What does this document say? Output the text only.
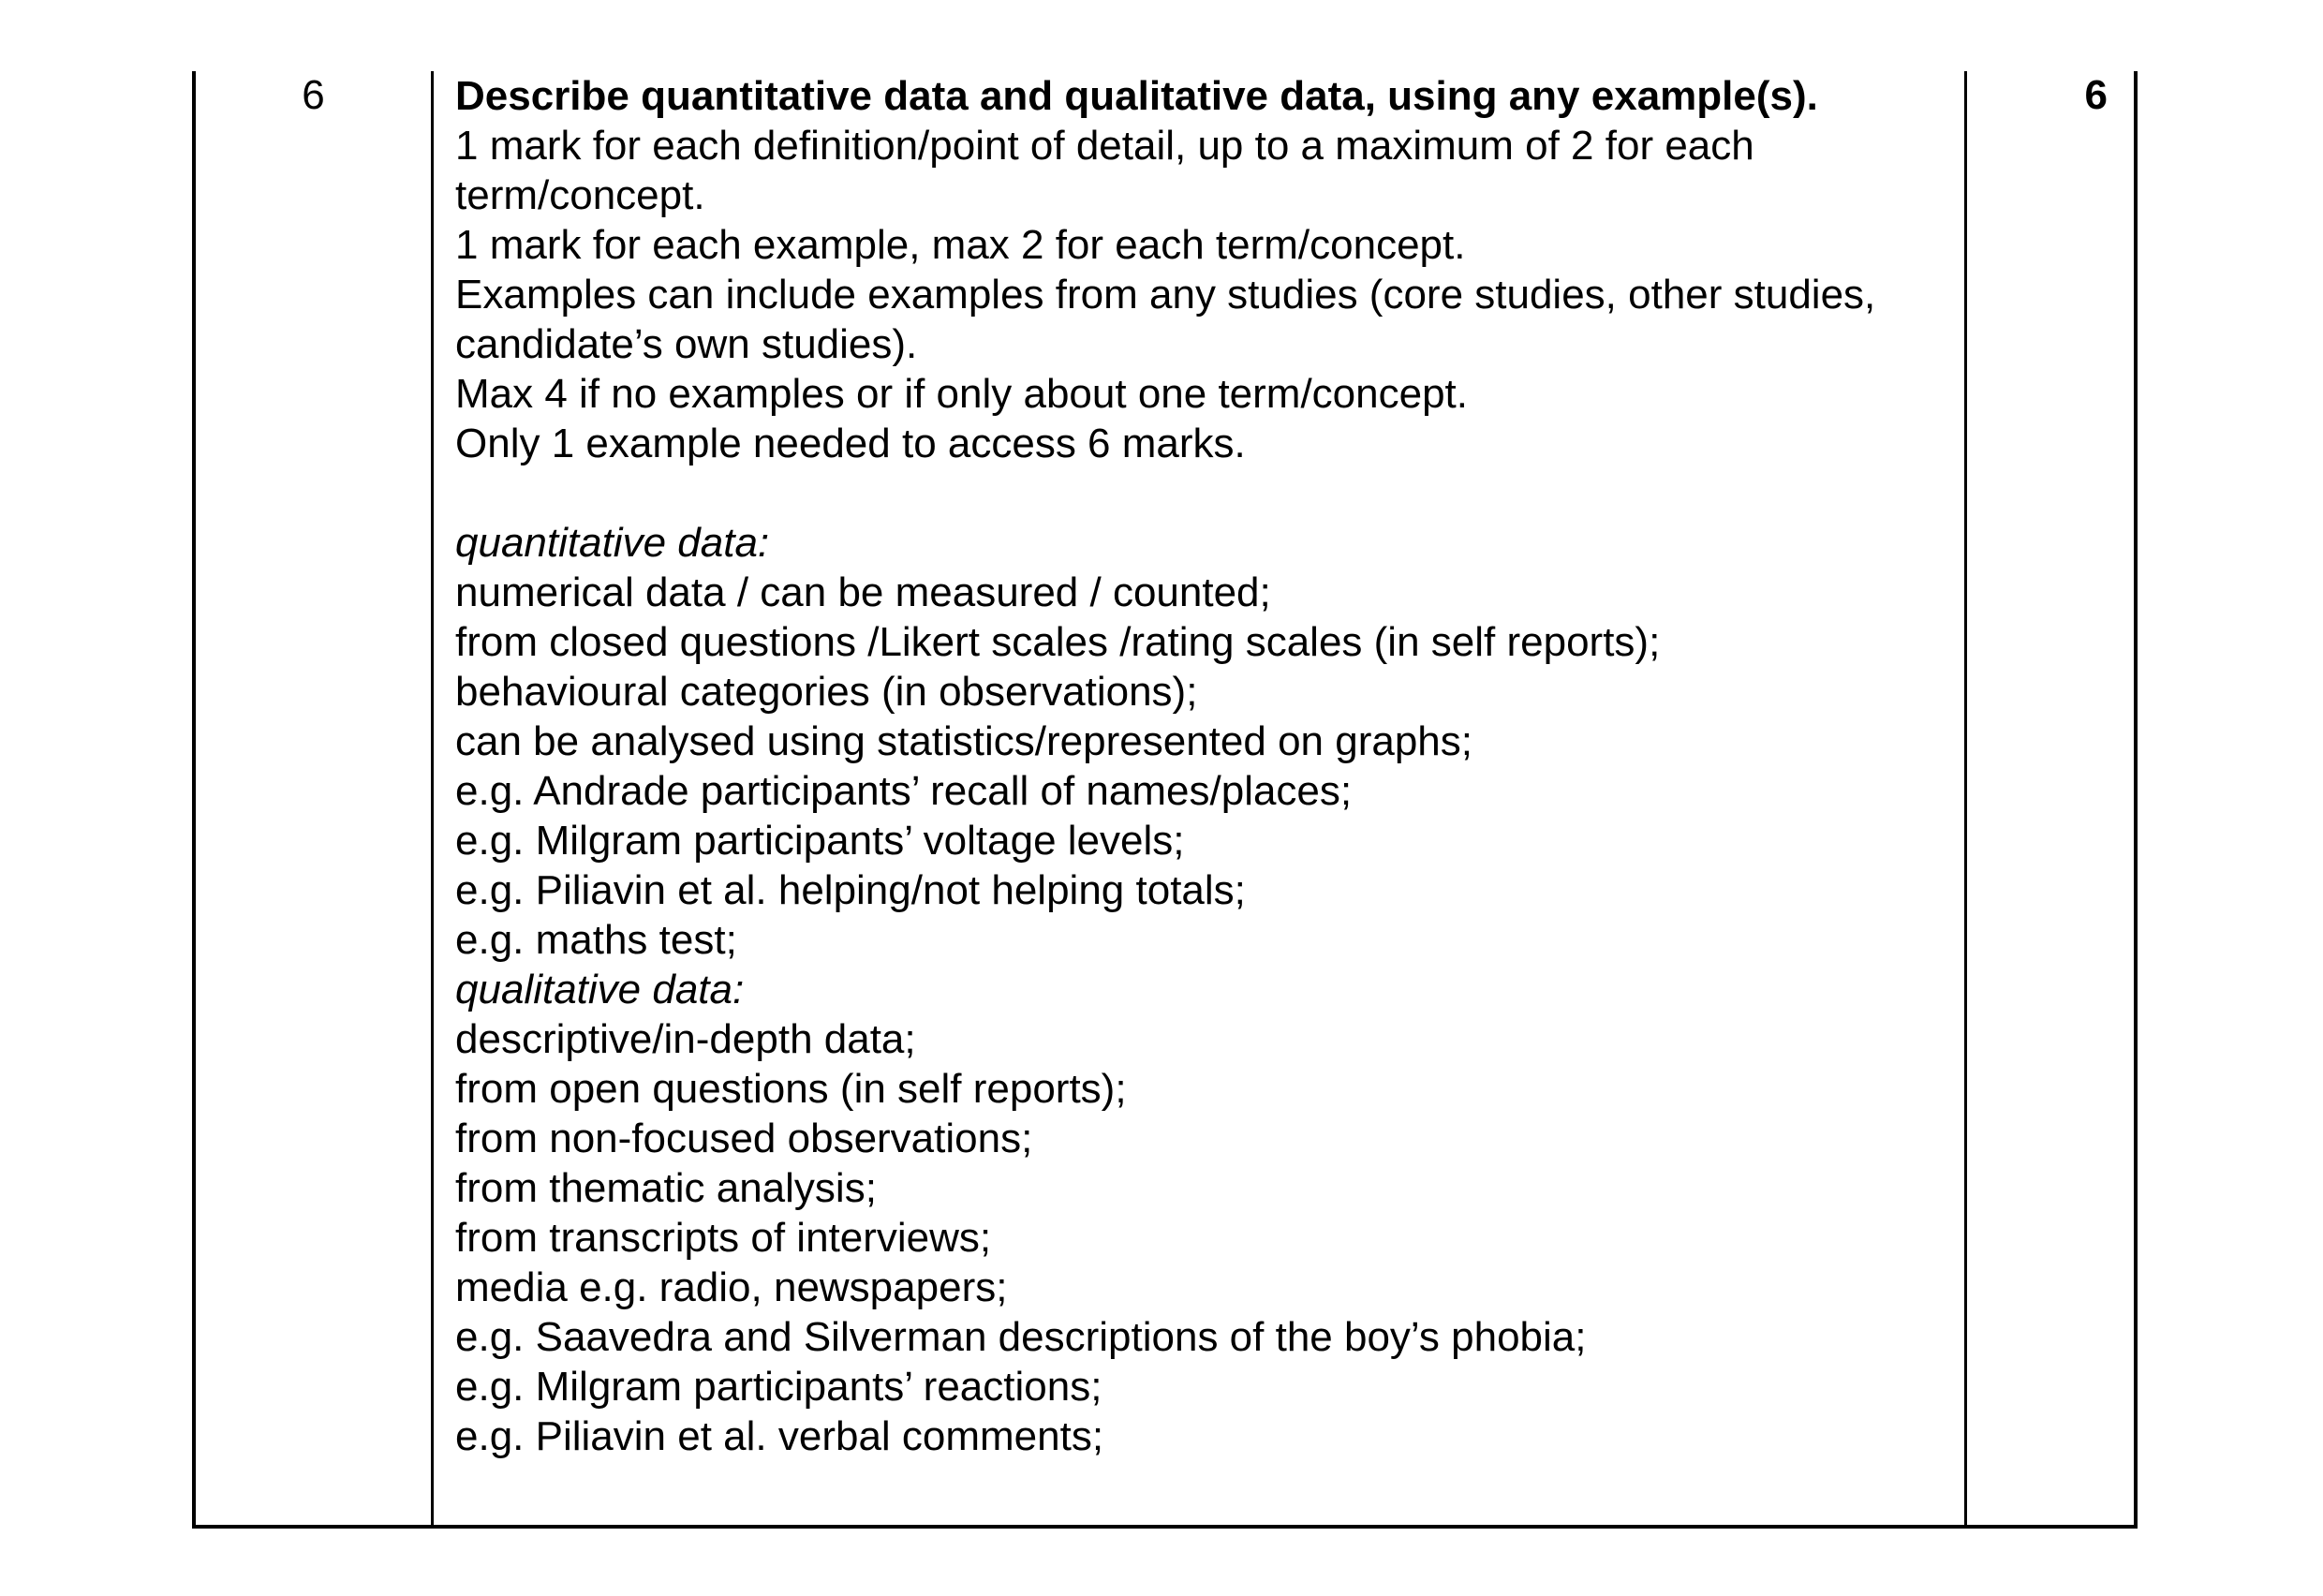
6	Describe quantitative data and qualitative data, using any example(s).

1 mark for each definition/point of detail, up to a maximum of 2 for each

term/concept.

1 mark for each example, max 2 for each term/concept.

Examples can include examples from any studies (core studies, other studies,

candidate’s own studies).

Max 4 if no examples or if only about one term/concept.

Only 1 example needed to access 6 marks.

quantitative data:

numerical data / can be measured / counted;

from closed questions /Likert scales /rating scales (in self reports);

behavioural categories (in observations);

can be analysed using statistics/represented on graphs;

e.g. Andrade participants’ recall of names/places;

e.g. Milgram participants’ voltage levels;

e.g. Piliavin et al. helping/not helping totals;

e.g. maths test;

qualitative data:

descriptive/in-depth data;

from open questions (in self reports);

from non-focused observations;

from thematic analysis;

from transcripts of interviews;

media e.g. radio, newspapers;

e.g. Saavedra and Silverman descriptions of the boy’s phobia;

e.g. Milgram participants’ reactions;

e.g. Piliavin et al. verbal comments;

6
